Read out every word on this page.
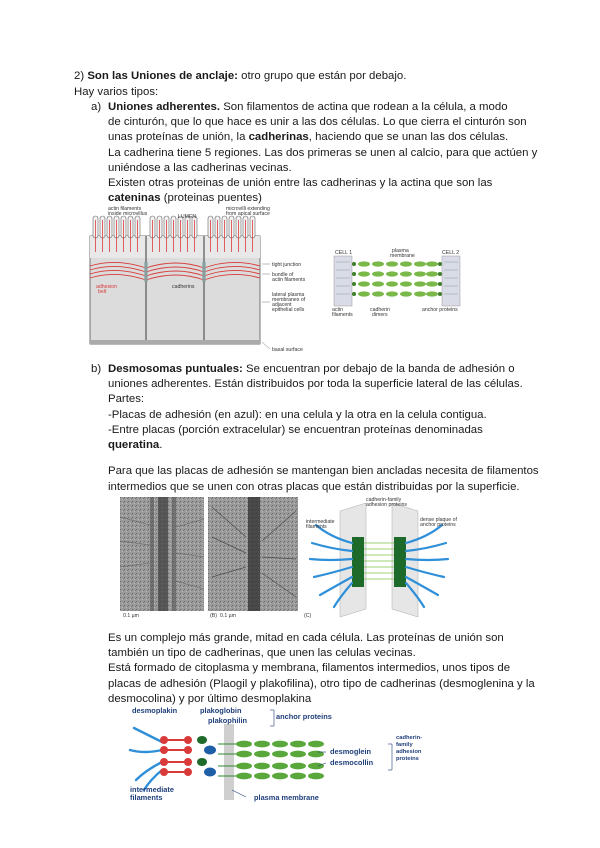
2) Son las Uniones de anclaje: otro grupo que están por debajo.
Hay varios tipos:
a) Uniones adherentes. Son filamentos de actina que rodean a la célula, a modo
de cinturón, que lo que hace es unir a las dos células. Lo que cierra el cinturón son
unas proteínas de unión, la cadherinas, haciendo que se unan las dos células.
La cadherina tiene 5 regiones. Las dos primeras se unen al calcio, para que actúen y
uniéndose a las cadherinas vecinas.
Existen otras proteinas de unión entre las cadherinas y la actina que son las
cateninas (proteinas puentes)
actin filaments
inside microvillus	LUMEN
microvilli extending
from apical surface
tight junction
bundle of
actin filaments
adhesion
belt
cadherins
lateral plasma
membranes of
adjacent
epithelial cells
basal surface
CELL 1	CELL 2
plasma
membrane
actin
filaments
cadherin
dimers
anchor proteins
b) Desmosomas puntuales: Se encuentran por debajo de la banda de adhesión o
uniones adherentes. Están distribuidos por toda la superficie lateral de las células.
Partes:
-Placas de adhesión (en azul): en una celula y la otra en la celula contigua.
-Entre placas (porción extracelular) se encuentran proteínas denominadas
queratina.
Para que las placas de adhesión se mantengan bien ancladas necesita de filamentos
intermedios que se unen con otras placas que están distribuidas por la superficie.
0.1 µm	(B) 0.1 µm	(C)
cadherin-family
adhesion proteins
intermediate
filaments
dense plaque of
anchor proteins
Es un complejo más grande, mitad en cada célula. Las proteínas de unión son
también un tipo de cadherinas, que unen las celulas vecinas.
Está formado de citoplasma y membrana, filamentos intermedios, unos tipos de
placas de adhesión (Plaogil y plakofilina), otro tipo de cadherinas (desmoglenina y la
desmocolina) y por último desmoplakina
desmoplakin	plakoglobin
plakophilin	anchor proteins
desmoglein
desmocollin
cadherin-
family
adhesion
proteins
intermediate
filaments	plasma membrane
